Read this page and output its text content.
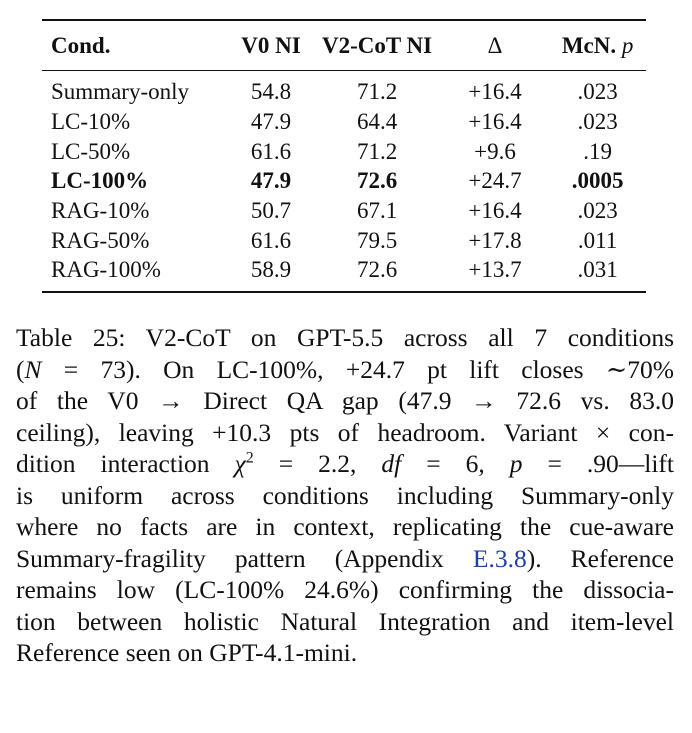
Cond.	V0 NI	V2-CoT NI	Δ	McN. p
Summary-only	54.8	71.2	+16.4	.023
LC-10%	47.9	64.4	+16.4	.023
LC-50%	61.6	71.2	+9.6	.19
LC-100%	47.9	72.6	+24.7	.0005
RAG-10%	50.7	67.1	+16.4	.023
RAG-50%	61.6	79.5	+17.8	.011
RAG-100%	58.9	72.6	+13.7	.031
Table 25: V2-CoT on GPT-5.5 across all 7 conditions
(N = 73). On LC-100%, +24.7 pt lift closes ∼70%
of the V0 → Direct QA gap (47.9 → 72.6 vs. 83.0
ceiling), leaving +10.3 pts of headroom. Variant × con-
dition interaction $\chi^2 = 2.2$, df = 6, p = .90—lift
is uniform across conditions including Summary-only
where no facts are in context, replicating the cue-aware
Summary-fragility pattern (Appendix E.3.8). Reference
remains low (LC-100% 24.6%) confirming the dissocia-
tion between holistic Natural Integration and item-level
Reference seen on GPT-4.1-mini.
